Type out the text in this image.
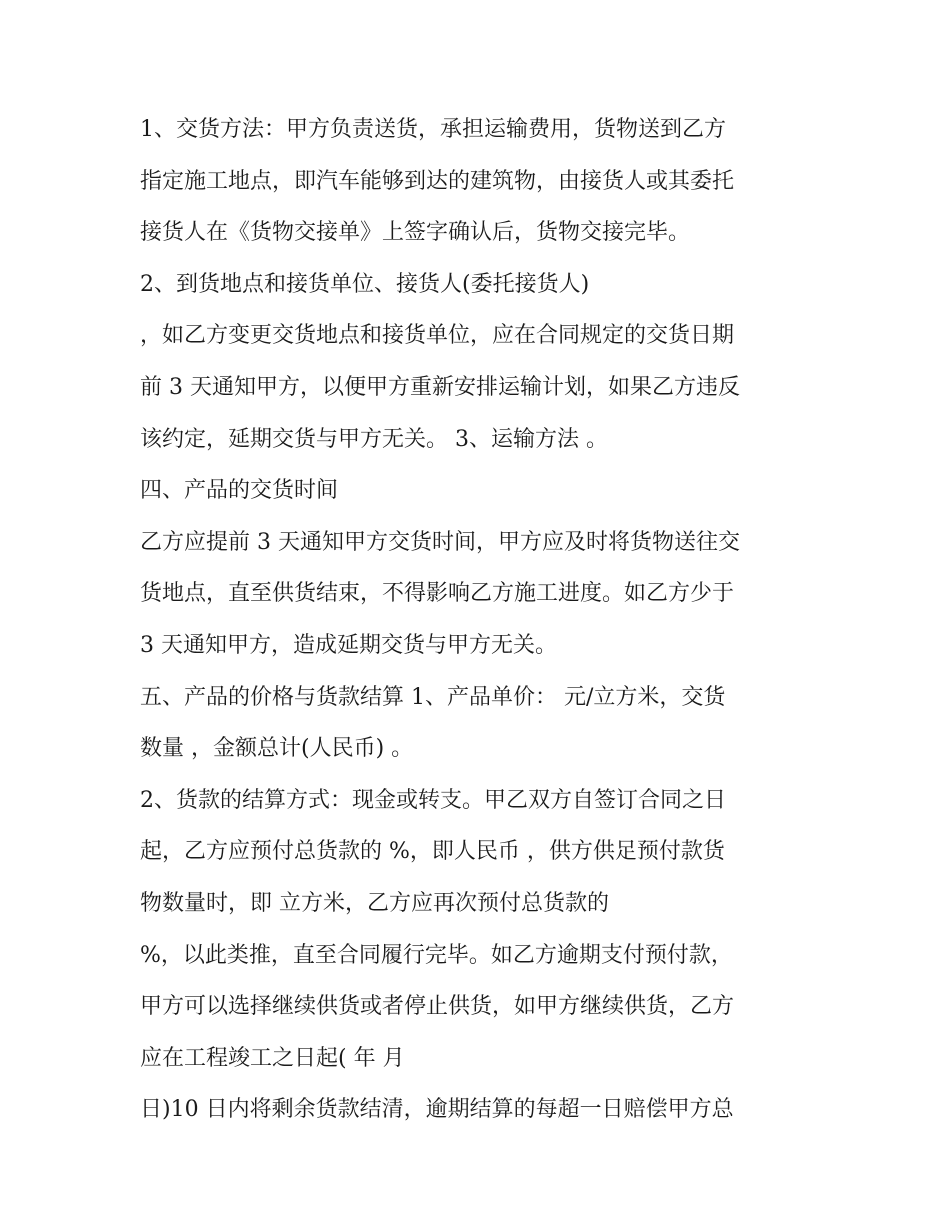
1、交货方法：甲方负责送货，承担运输费用，货物送到乙方
指定施工地点，即汽车能够到达的建筑物，由接货人或其委托
接货人在《货物交接单》上签字确认后，货物交接完毕。
2、到货地点和接货单位、接货人(委托接货人)
，如乙方变更交货地点和接货单位，应在合同规定的交货日期
前 3 天通知甲方，以便甲方重新安排运输计划，如果乙方违反
该约定，延期交货与甲方无关。 3、运输方法 。
四、产品的交货时间
乙方应提前 3 天通知甲方交货时间，甲方应及时将货物送往交
货地点，直至供货结束，不得影响乙方施工进度。如乙方少于
3 天通知甲方，造成延期交货与甲方无关。
五、产品的价格与货款结算 1、产品单价： 元/立方米，交货
数量 ，金额总计(人民币) 。
2、货款的结算方式：现金或转支。甲乙双方自签订合同之日
起，乙方应预付总货款的 %，即人民币 ，供方供足预付款货
物数量时，即 立方米，乙方应再次预付总货款的
%，以此类推，直至合同履行完毕。如乙方逾期支付预付款，
甲方可以选择继续供货或者停止供货，如甲方继续供货，乙方
应在工程竣工之日起( 年 月
日)10 日内将剩余货款结清，逾期结算的每超一日赔偿甲方总
